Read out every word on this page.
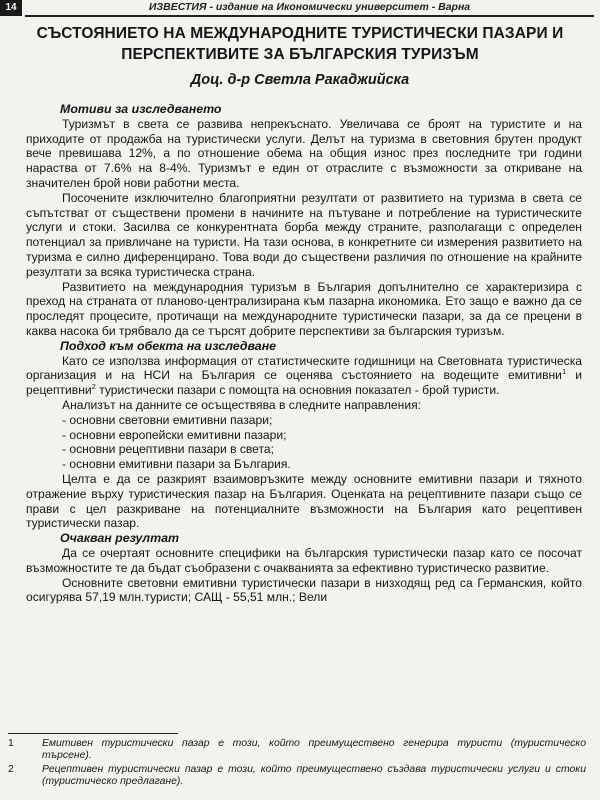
14	ИЗВЕСТИЯ - издание на Икономически университет - Варна
СЪСТОЯНИЕТО НА МЕЖДУНАРОДНИТЕ ТУРИСТИЧЕСКИ ПАЗАРИ И ПЕРСПЕКТИВИТЕ ЗА БЪЛГАРСКИЯ ТУРИЗЪМ
Доц. д-р Светла Ракаджийска
Мотиви за изследването

Туризмът в света се развива непрекъснато. Увеличава се броят на туристите и на приходите от продажба на туристически услуги. Делът на туризма в световния брутен продукт вече превишава 12%, а по отношение обема на общия износ през последните три години нараства от 7.6% на 8-4%. Туризмът е един от отраслите с възможности за откриване на значителен брой нови работни места.

Посочените изключително благоприятни резултати от развитието на туризма в света се съпътстват от съществени промени в начините на пътуване и потребление на туристическите услуги и стоки. Засилва се конкурентната борба между страните, разполагащи с определен потенциал за привличане на туристи. На тази основа, в конкретните си измерения развитието на туризма е силно диференцирано. Това води до съществени различия по отношение на крайните резултати за всяка туристическа страна.

Развитието на международния туризъм в България допълнително се характеризира с преход на страната от планово-централизирана към пазарна икономика. Ето защо е важно да се проследят процесите, протичащи на международните туристически пазари, за да се прецени в каква насока би трябвало да се търсят добрите перспективи за българския туризъм.

Подход към обекта на изследване

Като се използва информация от статистическите годишници на Световната туристическа организация и на НСИ на България се оценява състоянието на водещите емитивни$^1$ и рецептивни$^2$ туристически пазари с помощта на основния показател - брой туристи.

Анализът на данните се осъществява в следните направления:

- основни световни емитивни пазари;

- основни европейски емитивни пазари;

- основни рецептивни пазари в света;

- основни емитивни пазари за България.

Целта е да се разкрият взаимовръзките между основните емитивни пазари и тяхното отражение върху туристическия пазар на България. Оценката на рецептивните пазари също се прави с цел разкриване на потенциалните възможности на България като рецептивен туристически пазар.

Очакван резултат

Да се очертаят основните специфики на българския туристически пазар като се посочат възможностите те да бъдат съобразени с очакванията за ефективно туристическо развитие.

Основните световни емитивни туристически пазари в низходящ ред са Германския, който осигурява 57,19 млн.туристи; САЩ - 55,51 млн.; Вели

1	Емитивен туристически пазар е този, който преимуществено генерира туристи (туристическо търсене).
2	Рецептивен туристически пазар е този, който преимуществено създава туристически услуги и стоки (туристическо предлагане).
